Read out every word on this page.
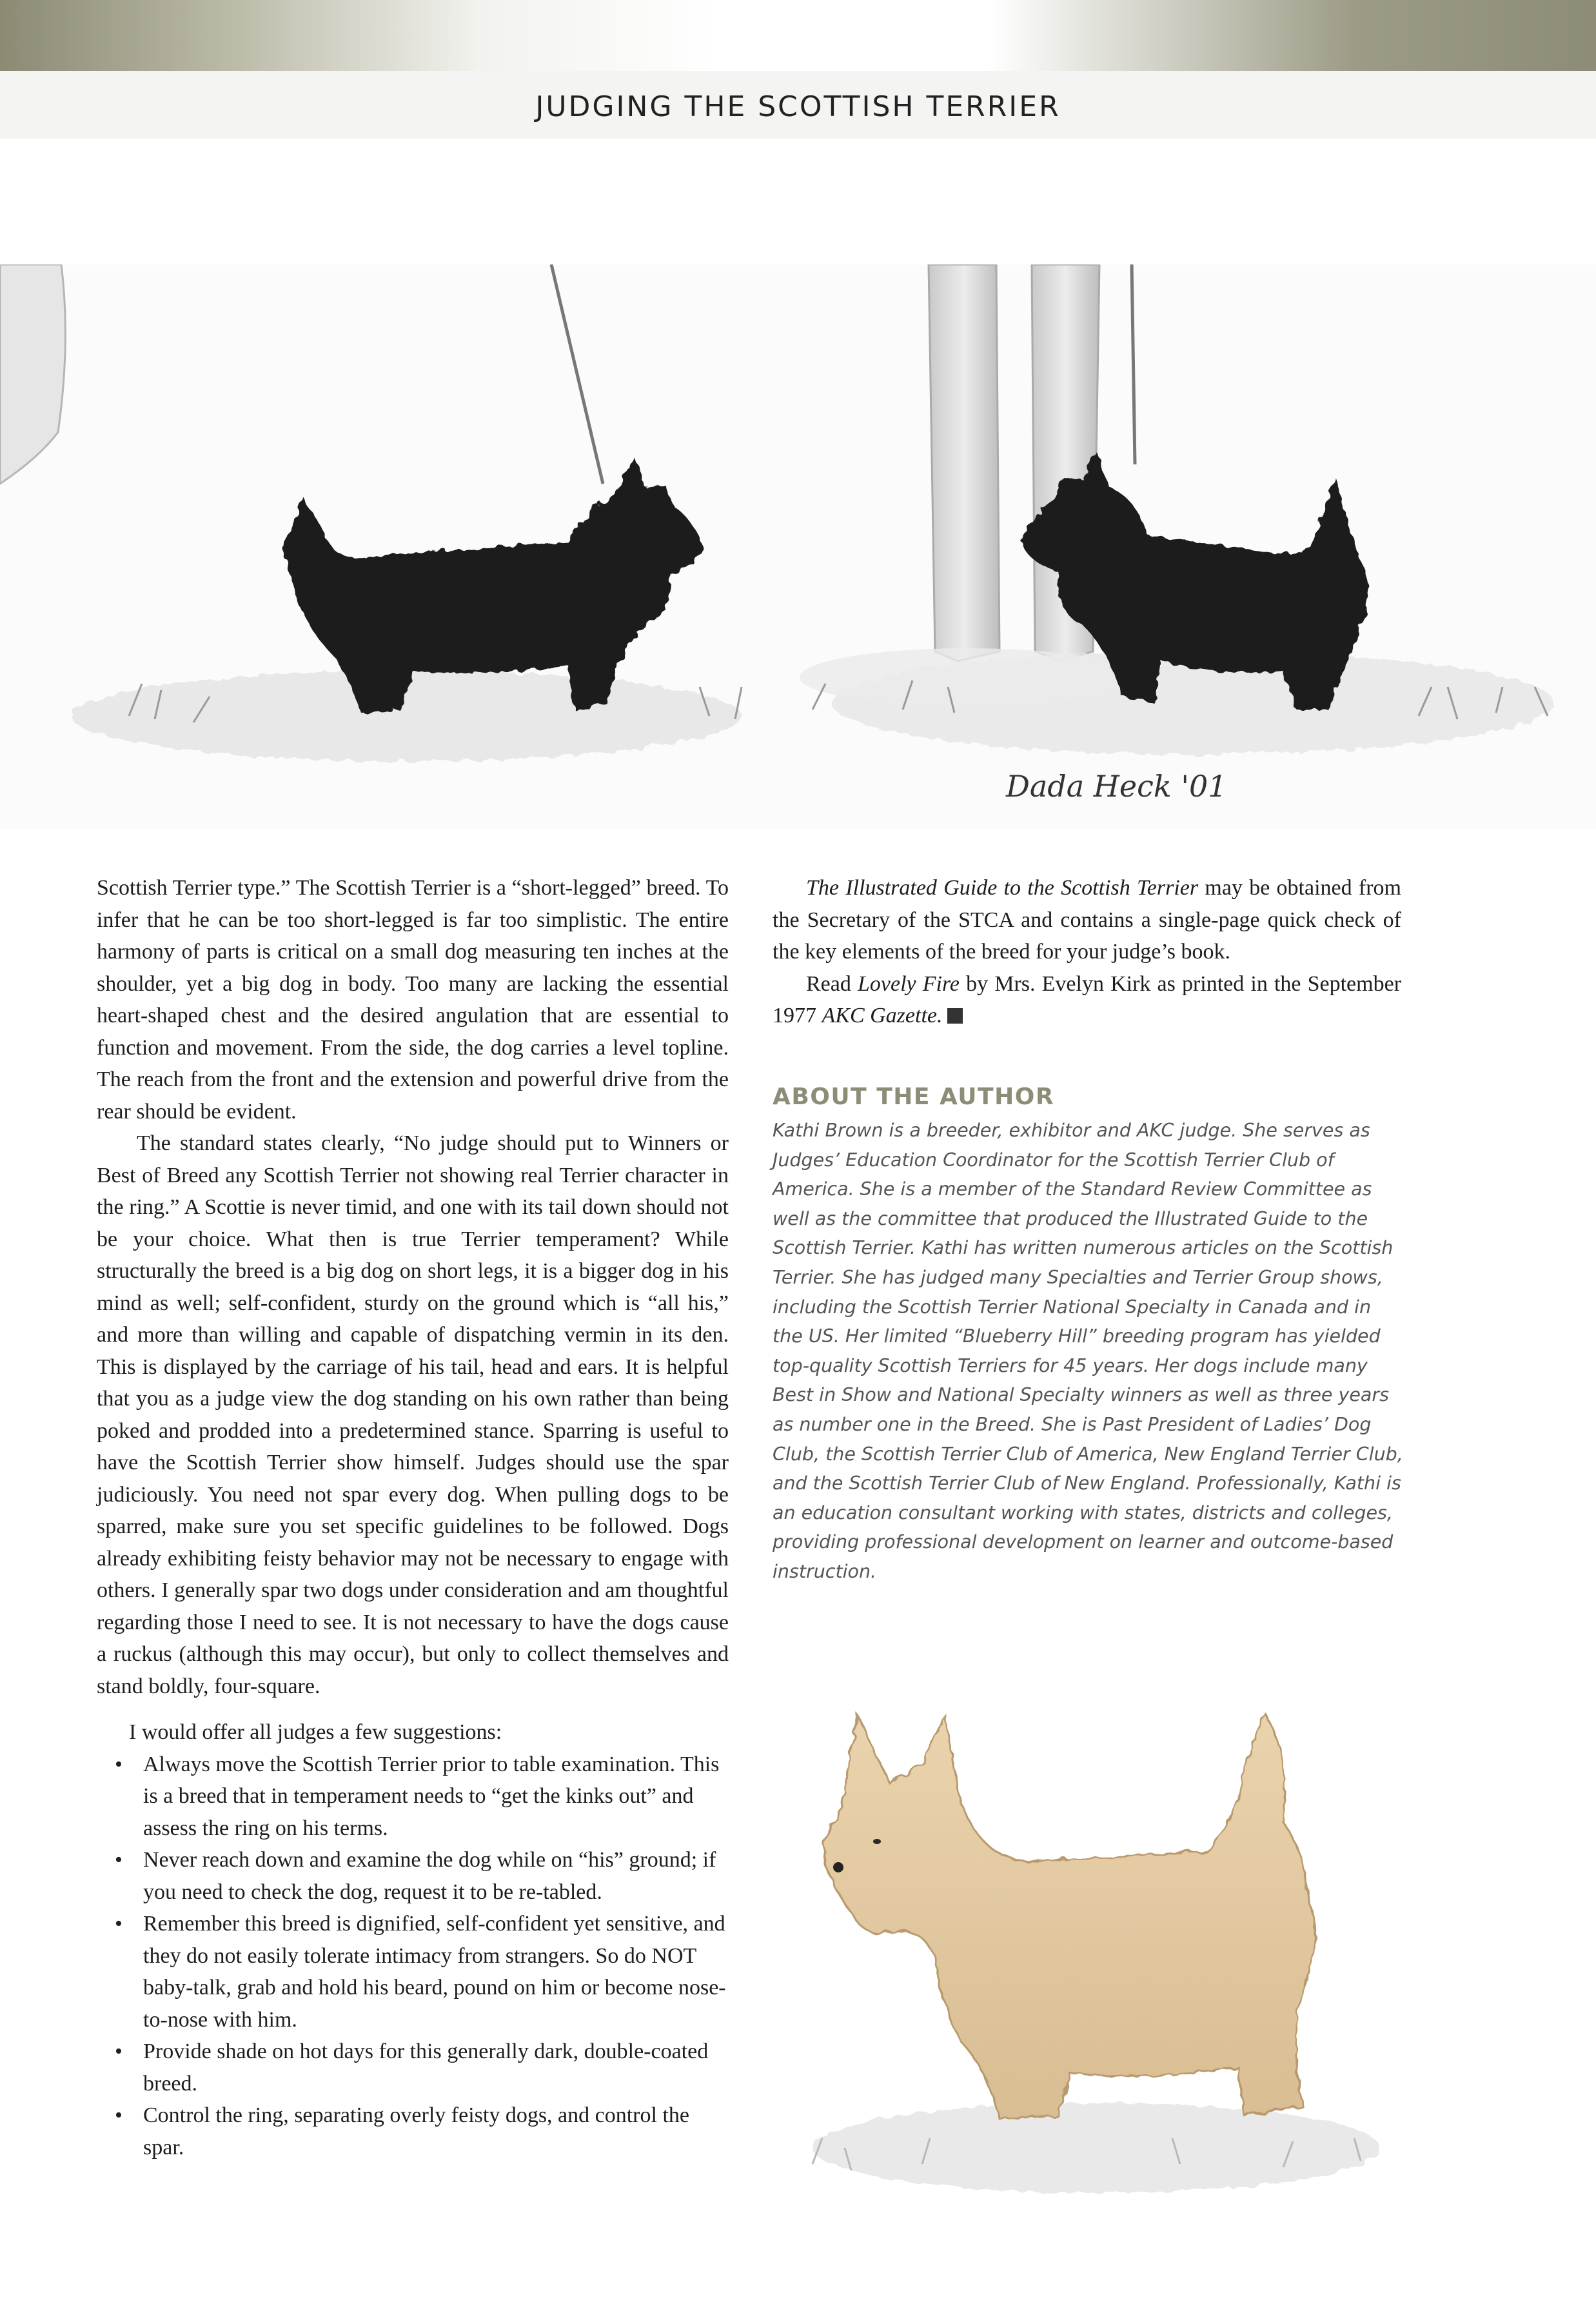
JUDGING THE SCOTTISH TERRIER
Dada Heck '01

Scottish Terrier type.” The Scottish Terrier is a “short-legged” breed. To infer that he can be too short-legged is far too simplistic. The entire harmony of parts is critical on a small dog measuring ten inches at the shoulder, yet a big dog in body. Too many are lacking the essential heart-shaped chest and the desired angulation that are essential to function and movement. From the side, the dog carries a level topline. The reach from the front and the extension and powerful drive from the rear should be evident.

The standard states clearly, “No judge should put to Winners or Best of Breed any Scottish Terrier not showing real Terrier character in the ring.” A Scottie is never timid, and one with its tail down should not be your choice. What then is true Terrier temperament? While structurally the breed is a big dog on short legs, it is a bigger dog in his mind as well; self-confident, sturdy on the ground which is “all his,” and more than willing and capable of dispatching vermin in its den. This is displayed by the carriage of his tail, head and ears. It is helpful that you as a judge view the dog standing on his own rather than being poked and prodded into a predetermined stance. Sparring is useful to have the Scottish Terrier show himself. Judges should use the spar judiciously. You need not spar every dog. When pulling dogs to be sparred, make sure you set specific guidelines to be followed. Dogs already exhibiting feisty behavior may not be necessary to engage with others. I generally spar two dogs under consideration and am thoughtful regarding those I need to see. It is not necessary to have the dogs cause a ruckus (although this may occur), but only to collect themselves and stand boldly, four-square.

I would offer all judges a few suggestions:

• Always move the Scottish Terrier prior to table examination. This is a breed that in temperament needs to “get the kinks out” and assess the ring on his terms.
• Never reach down and examine the dog while on “his” ground; if you need to check the dog, request it to be re-tabled.
• Remember this breed is dignified, self-confident yet sensitive, and they do not easily tolerate intimacy from strangers. So do NOT baby-talk, grab and hold his beard, pound on him or become nose-to-nose with him.
• Provide shade on hot days for this generally dark, double-coated breed.
• Control the ring, separating overly feisty dogs, and control the spar.

The Illustrated Guide to the Scottish Terrier may be obtained from the Secretary of the STCA and contains a single-page quick check of the key elements of the breed for your judge’s book.

Read Lovely Fire by Mrs. Evelyn Kirk as printed in the September 1977 AKC Gazette.

ABOUT THE AUTHOR
Kathi Brown is a breeder, exhibitor and AKC judge. She serves as Judges’ Education Coordinator for the Scottish Terrier Club of America. She is a member of the Standard Review Committee as well as the committee that produced the Illustrated Guide to the Scottish Terrier. Kathi has written numerous articles on the Scottish Terrier. She has judged many Specialties and Terrier Group shows, including the Scottish Terrier National Specialty in Canada and in the US. Her limited “Blueberry Hill” breeding program has yielded top-quality Scottish Terriers for 45 years. Her dogs include many Best in Show and National Specialty winners as well as three years as number one in the Breed. She is Past President of Ladies’ Dog Club, the Scottish Terrier Club of America, New England Terrier Club, and the Scottish Terrier Club of New England. Professionally, Kathi is an education consultant working with states, districts and colleges, providing professional development on learner and outcome-based instruction.
